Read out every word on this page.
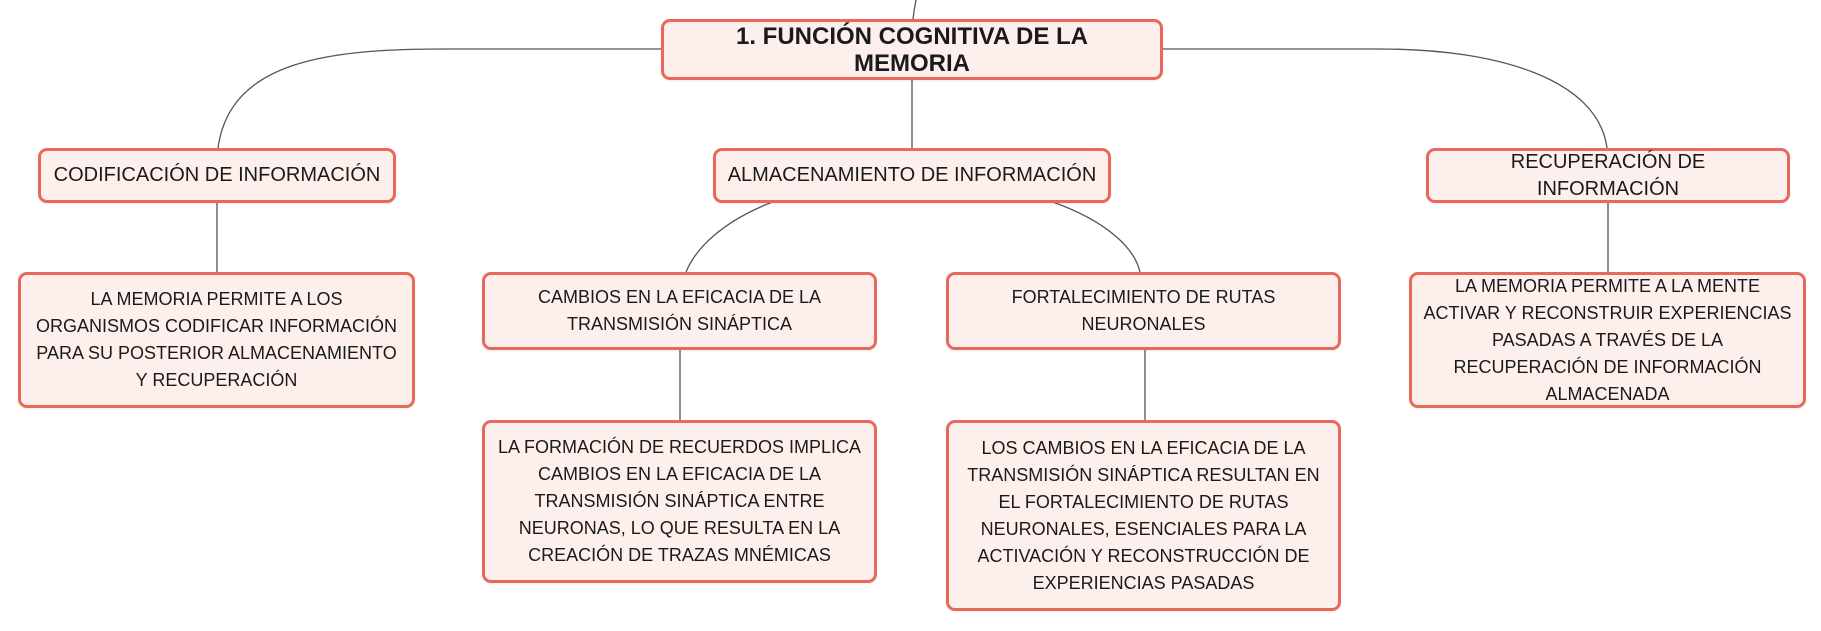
1. FUNCIÓN COGNITIVA DE LA MEMORIA
CODIFICACIÓN DE INFORMACIÓN	ALMACENAMIENTO DE INFORMACIÓN
RECUPERACIÓN DE INFORMACIÓN
LA MEMORIA PERMITE A LOS ORGANISMOS CODIFICAR INFORMACIÓN PARA SU POSTERIOR ALMACENAMIENTO Y RECUPERACIÓN
CAMBIOS EN LA EFICACIA DE LA TRANSMISIÓN SINÁPTICA
FORTALECIMIENTO DE RUTAS NEURONALES
LA MEMORIA PERMITE A LA MENTE ACTIVAR Y RECONSTRUIR EXPERIENCIAS PASADAS A TRAVÉS DE LA RECUPERACIÓN DE INFORMACIÓN ALMACENADA
LA FORMACIÓN DE RECUERDOS IMPLICA CAMBIOS EN LA EFICACIA DE LA TRANSMISIÓN SINÁPTICA ENTRE NEURONAS, LO QUE RESULTA EN LA CREACIÓN DE TRAZAS MNÉMICAS
LOS CAMBIOS EN LA EFICACIA DE LA TRANSMISIÓN SINÁPTICA RESULTAN EN EL FORTALECIMIENTO DE RUTAS NEURONALES, ESENCIALES PARA LA ACTIVACIÓN Y RECONSTRUCCIÓN DE EXPERIENCIAS PASADAS
